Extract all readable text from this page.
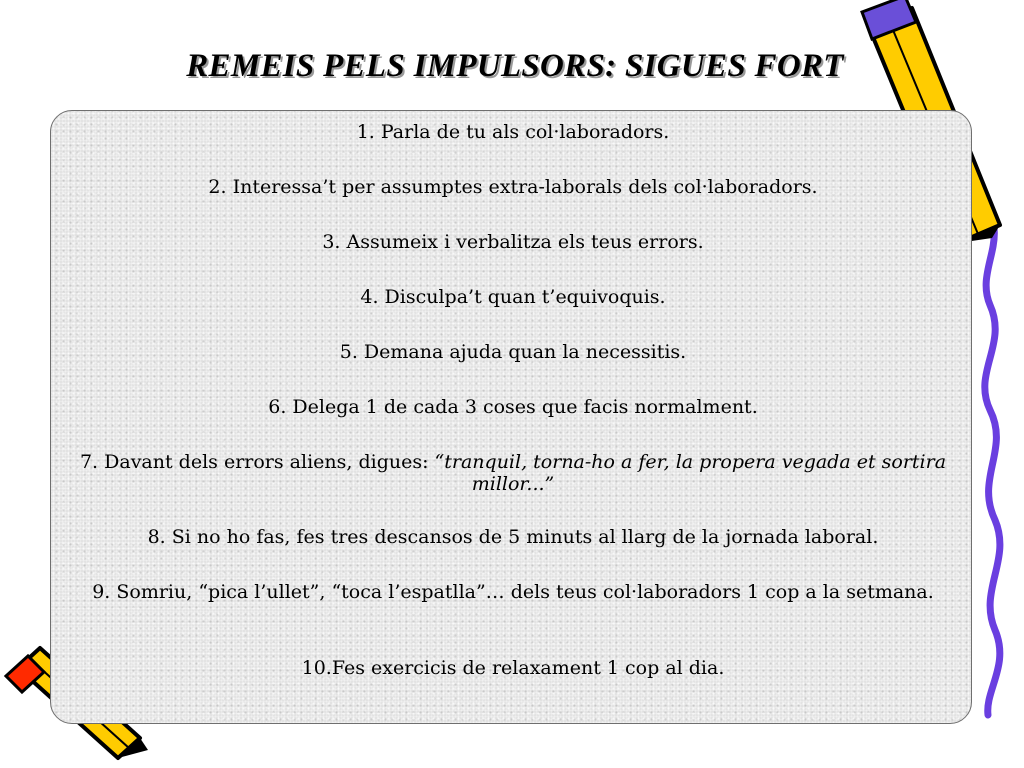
REMEIS PELS IMPULSORS: SIGUES FORT
1. Parla de tu als col·laboradors.
2. Interessa’t per assumptes extra-laborals dels col·laboradors.
3. Assumeix i verbalitza els teus errors.
4. Disculpa’t quan t’equivoquis.
5. Demana ajuda quan la necessitis.
6. Delega 1 de cada 3 coses que facis normalment.
7. Davant dels errors aliens, digues: “tranquil, torna-ho a fer, la propera vegada et sortira millor...”
8. Si no ho fas, fes tres descansos de 5 minuts al llarg de la jornada laboral.
9. Somriu, “pica l’ullet”, “toca l’espatlla”… dels teus col·laboradors 1 cop a la setmana.
10.Fes exercicis de relaxament 1 cop al dia.
